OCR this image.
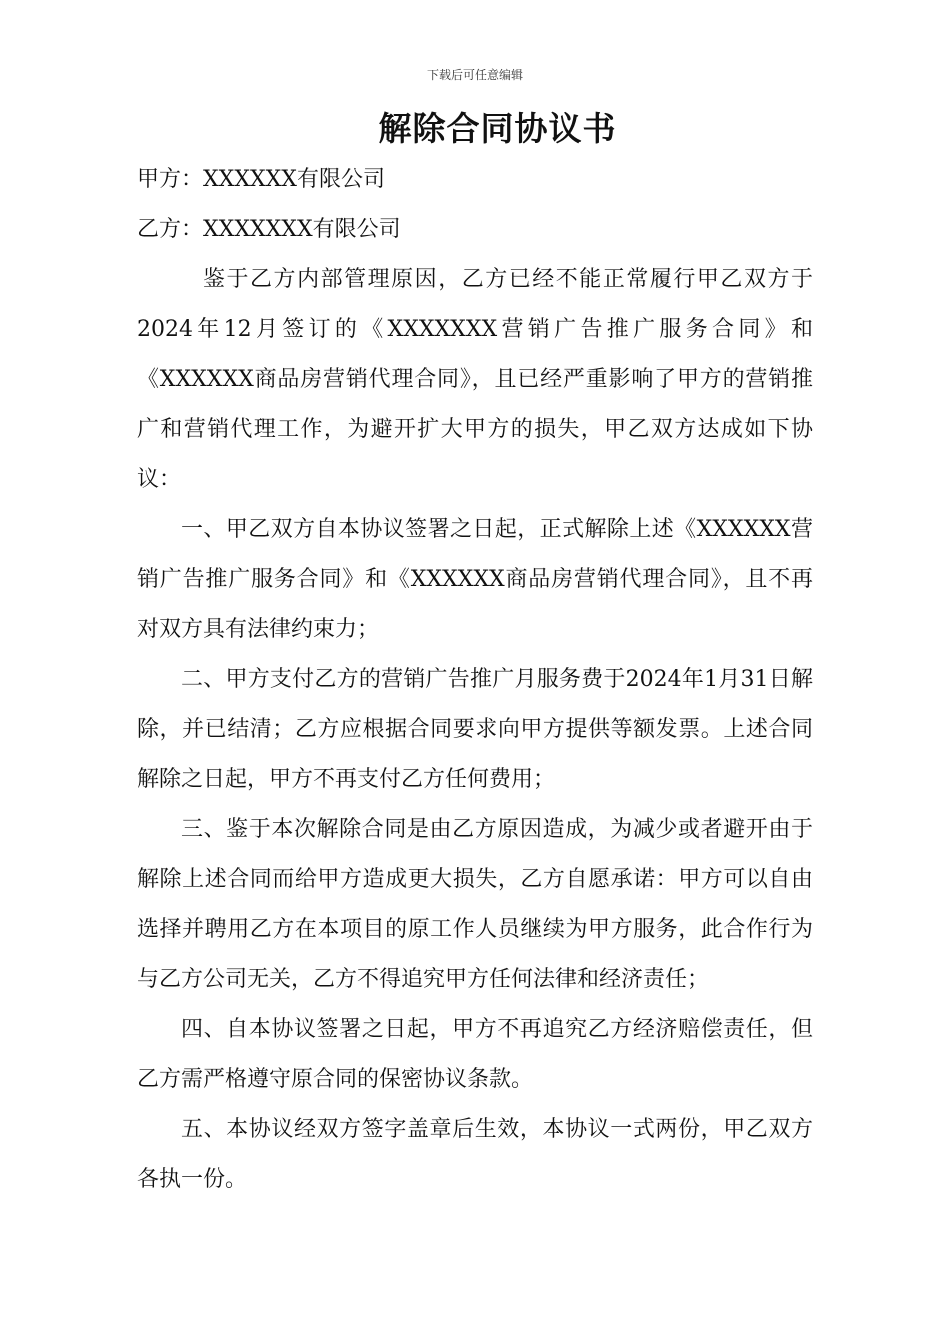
下载后可任意编辑
解除合同协议书

甲方：XXXXXX有限公司

乙方：XXXXXXX有限公司

鉴于乙方内部管理原因，乙方已经不能正常履行甲乙双方于2024年12月签订的《XXXXXXX营销广告推广服务合同》和《XXXXXX商品房营销代理合同》，且已经严重影响了甲方的营销推广和营销代理工作，为避开扩大甲方的损失，甲乙双方达成如下协议：

一、甲乙双方自本协议签署之日起，正式解除上述《XXXXXX营销广告推广服务合同》和《XXXXXX商品房营销代理合同》，且不再对双方具有法律约束力；

二、甲方支付乙方的营销广告推广月服务费于2024年1月31日解除，并已结清；乙方应根据合同要求向甲方提供等额发票。上述合同解除之日起，甲方不再支付乙方任何费用；

三、鉴于本次解除合同是由乙方原因造成，为减少或者避开由于解除上述合同而给甲方造成更大损失，乙方自愿承诺：甲方可以自由选择并聘用乙方在本项目的原工作人员继续为甲方服务，此合作行为与乙方公司无关，乙方不得追究甲方任何法律和经济责任；

四、自本协议签署之日起，甲方不再追究乙方经济赔偿责任，但乙方需严格遵守原合同的保密协议条款。

五、本协议经双方签字盖章后生效，本协议一式两份，甲乙双方各执一份。
